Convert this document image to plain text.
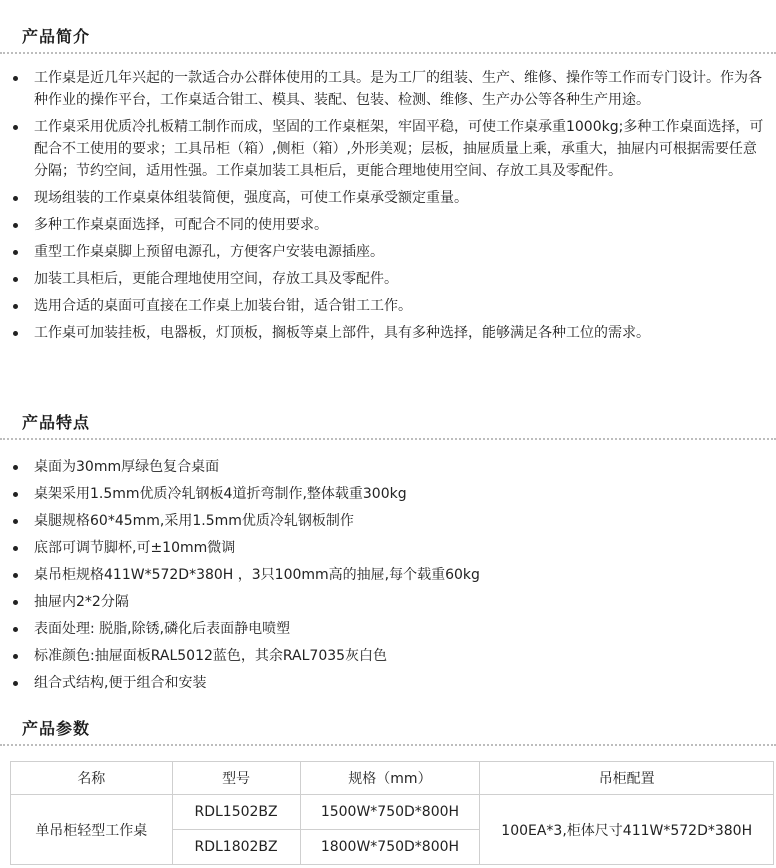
产品简介
工作桌是近几年兴起的一款适合办公群体使用的工具。是为工厂的组装、生产、维修、操作等工作而专门设计。作为各种作业的操作平台，工作桌适合钳工、模具、装配、包装、检测、维修、生产办公等各种生产用途。
工作桌采用优质冷扎板精工制作而成，坚固的工作桌框架，牢固平稳，可使工作桌承重1000kg;多种工作桌面选择，可配合不工使用的要求；工具吊柜（箱）,侧柜（箱）,外形美观；层板，抽屉质量上乘，承重大，抽屉内可根据需要任意分隔；节约空间，适用性强。工作桌加装工具柜后，更能合理地使用空间、存放工具及零配件。
现场组装的工作桌桌体组装简便，强度高，可使工作桌承受额定重量。
多种工作桌桌面选择，可配合不同的使用要求。
重型工作桌桌脚上预留电源孔，方便客户安装电源插座。
加装工具柜后，更能合理地使用空间，存放工具及零配件。
选用合适的桌面可直接在工作桌上加装台钳，适合钳工工作。
工作桌可加装挂板，电器板，灯顶板，搁板等桌上部件，具有多种选择，能够满足各种工位的需求。
产品特点
桌面为30mm厚绿色复合桌面
桌架采用1.5mm优质冷轧钢板4道折弯制作,整体载重300kg
桌腿规格60*45mm,采用1.5mm优质冷轧钢板制作
底部可调节脚杯,可±10mm微调
桌吊柜规格411W*572D*380H ，3只100mm高的抽屉,每个载重60kg
抽屉内2*2分隔
表面处理: 脱脂,除锈,磷化后表面静电喷塑
标准颜色:抽屉面板RAL5012蓝色，其余RAL7035灰白色
组合式结构,便于组合和安装
产品参数
名称	型号	规格（mm）	吊柜配置
单吊柜轻型工作桌	RDL1502BZ	1500W*750D*800H	100EA*3,柜体尺寸411W*572D*380H
	RDL1802BZ	1800W*750D*800H	
